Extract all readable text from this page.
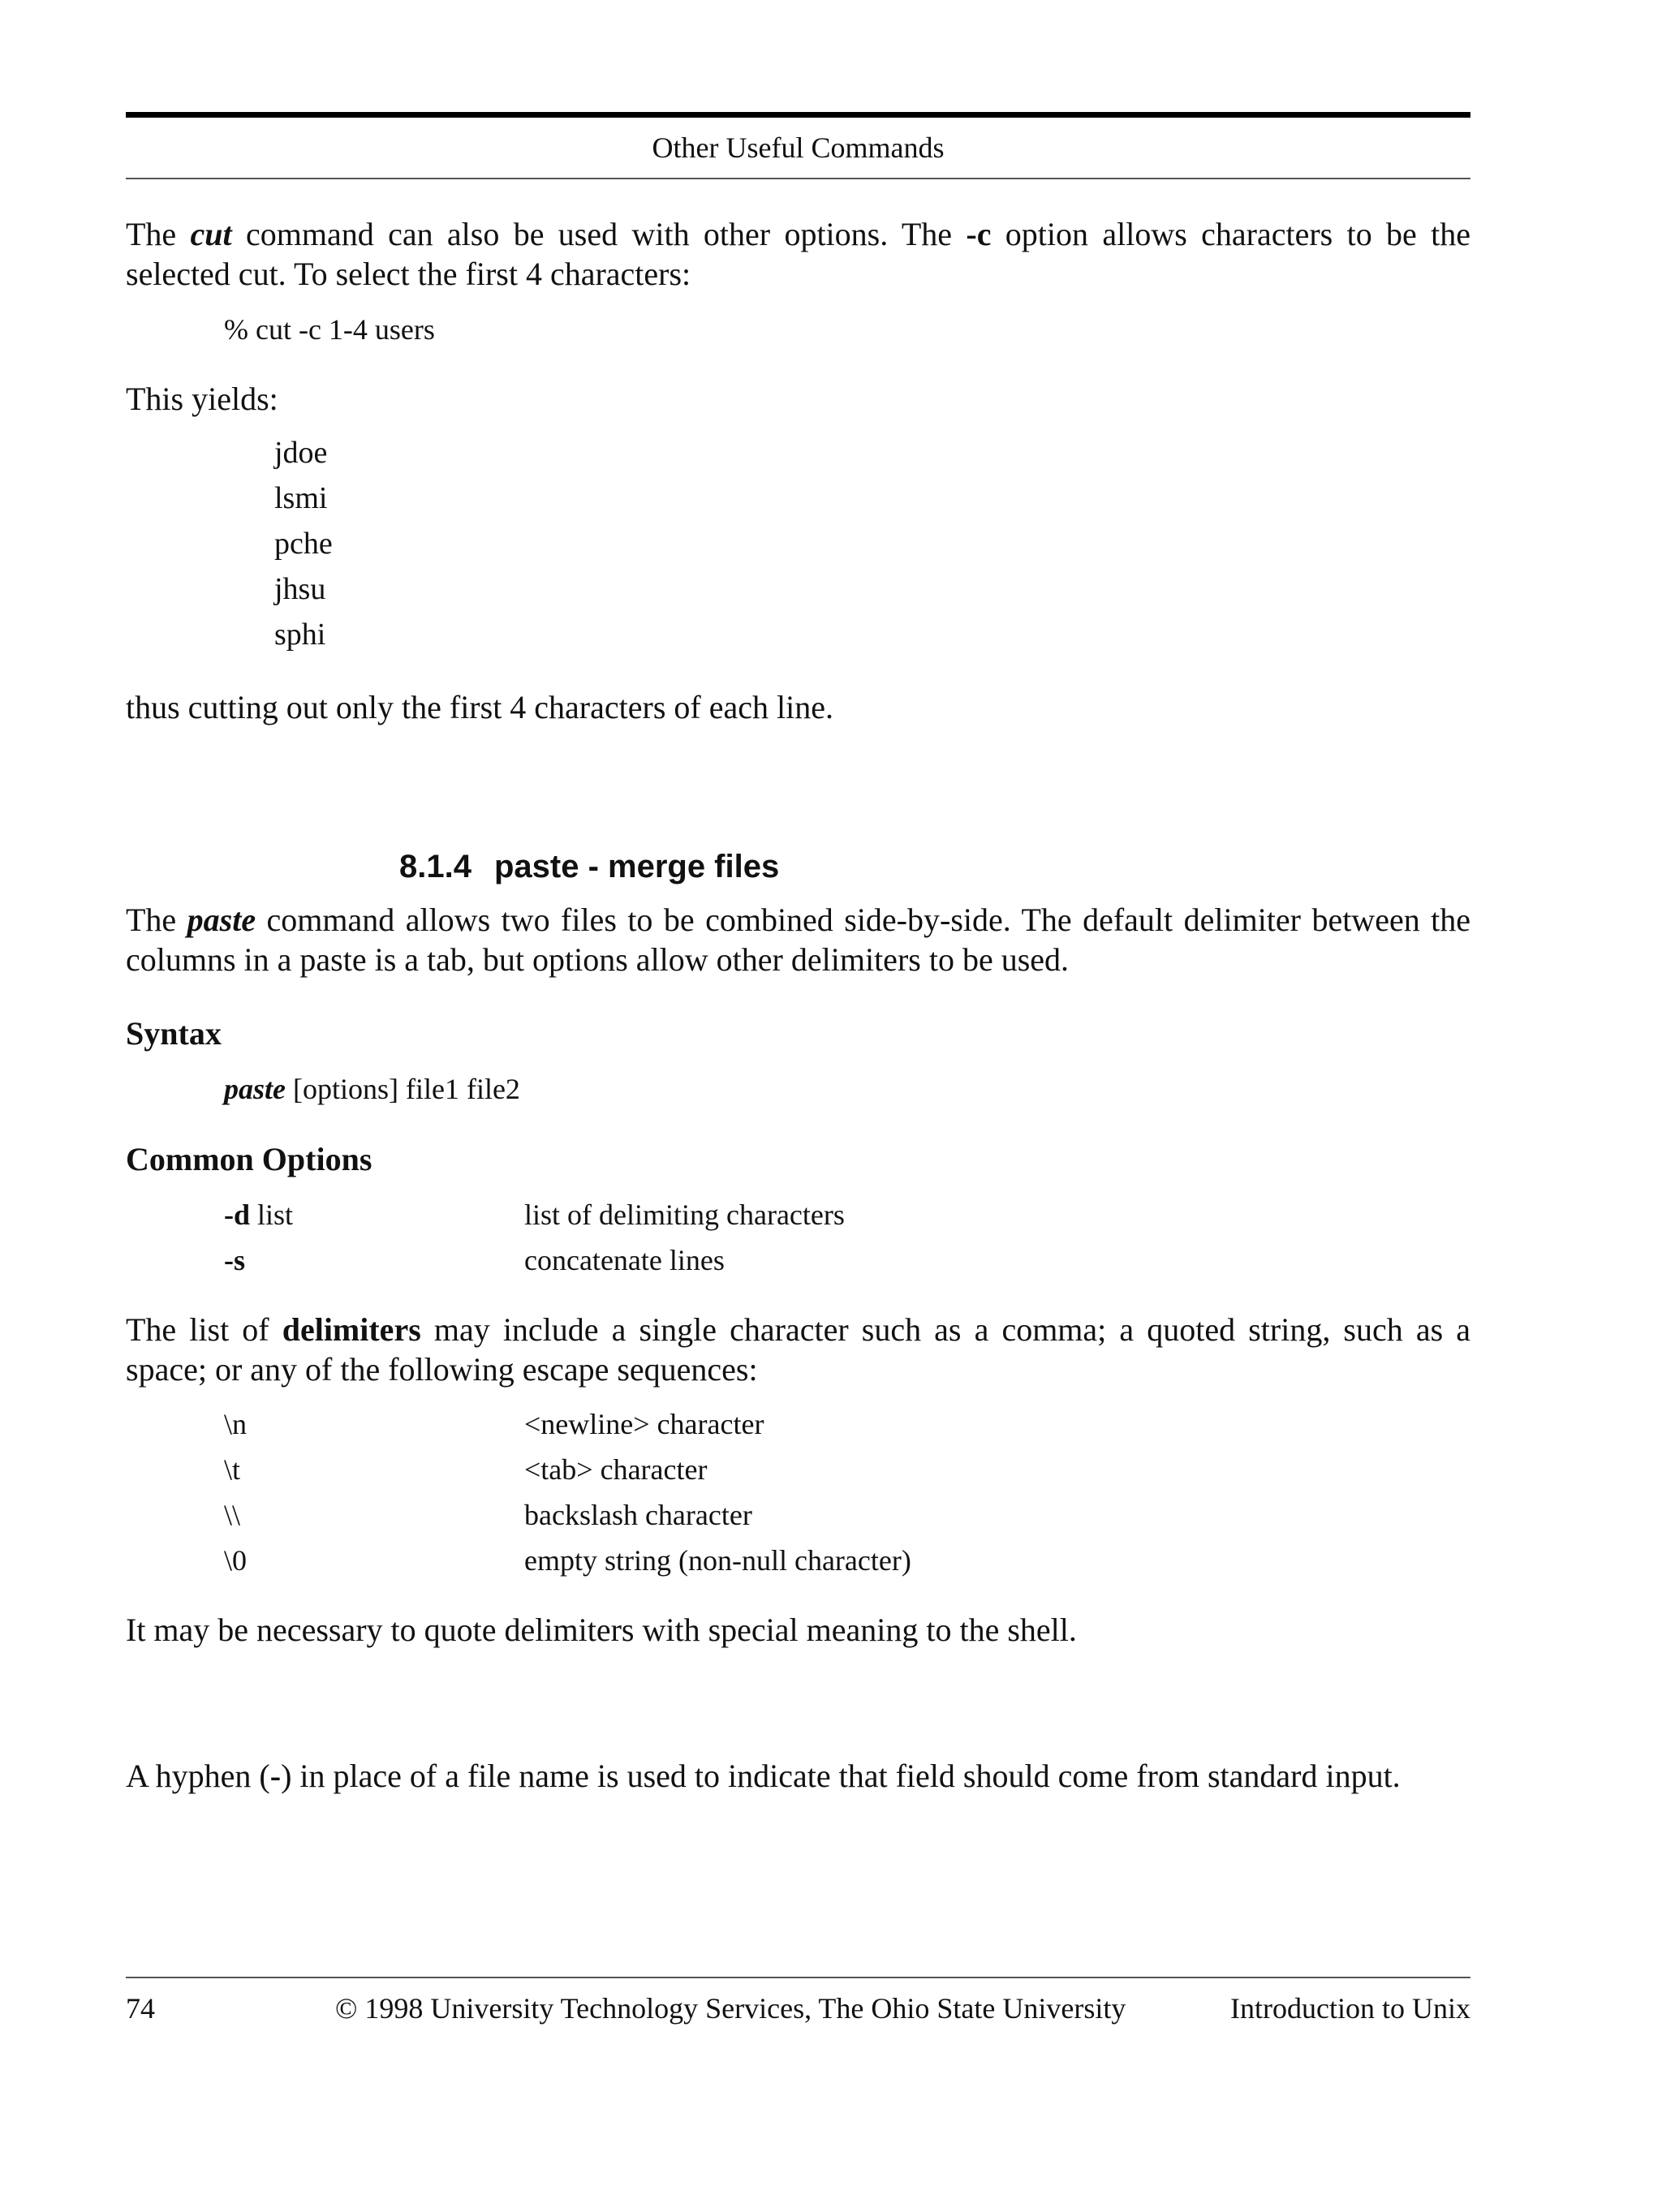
Other Useful Commands
The cut command can also be used with other options. The -c option allows characters to be the selected cut. To select the first 4 characters:
% cut -c 1-4 users
This yields:
jdoe
lsmi
pche
jhsu
sphi
thus cutting out only the first 4 characters of each line.
8.1.4 paste - merge files
The paste command allows two files to be combined side-by-side. The default delimiter between the columns in a paste is a tab, but options allow other delimiters to be used.
Syntax
paste [options] file1 file2
Common Options
-d list	list of delimiting characters
-s	concatenate lines
The list of delimiters may include a single character such as a comma; a quoted string, such as a space; or any of the following escape sequences:
\n	<newline> character
\t	<tab> character
\\	backslash character
\0	empty string (non-null character)
It may be necessary to quote delimiters with special meaning to the shell.
A hyphen (-) in place of a file name is used to indicate that field should come from standard input.
74	© 1998 University Technology Services, The Ohio State University	Introduction to Unix
